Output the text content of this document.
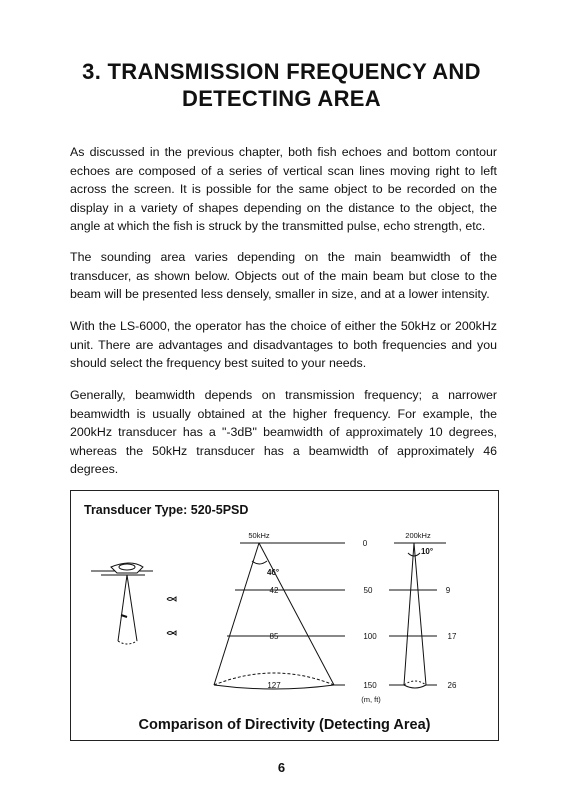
3. TRANSMISSION FREQUENCY AND
DETECTING AREA

As discussed in the previous chapter, both fish echoes and bottom contour echoes are composed of a series of vertical scan lines moving right to left across the screen. It is possible for the same object to be recorded on the display in a variety of shapes depending on the distance to the object, the angle at which the fish is struck by the transmitted pulse, echo strength, etc.

The sounding area varies depending on the main beamwidth of the transducer, as shown below. Objects out of the main beam but close to the beam will be presented less densely, smaller in size, and at a lower intensity.

With the LS-6000, the operator has the choice of either the 50kHz or 200kHz unit. There are advantages and disadvantages to both frequencies and you should select the frequency best suited to your needs.

Generally, beamwidth depends on transmission frequency; a narrower beamwidth is usually obtained at the higher frequency. For example, the 200kHz transducer has a "-3dB" beamwidth of approximately 10 degrees, whereas the 50kHz transducer has a beamwidth of approximately 46 degrees.

Transducer Type: 520-5PSD
50kHz
46°
42
85
127
0
50
100
150
(m, ft)
200kHz
10°
9
17
26
Comparison of Directivity (Detecting Area)
6
